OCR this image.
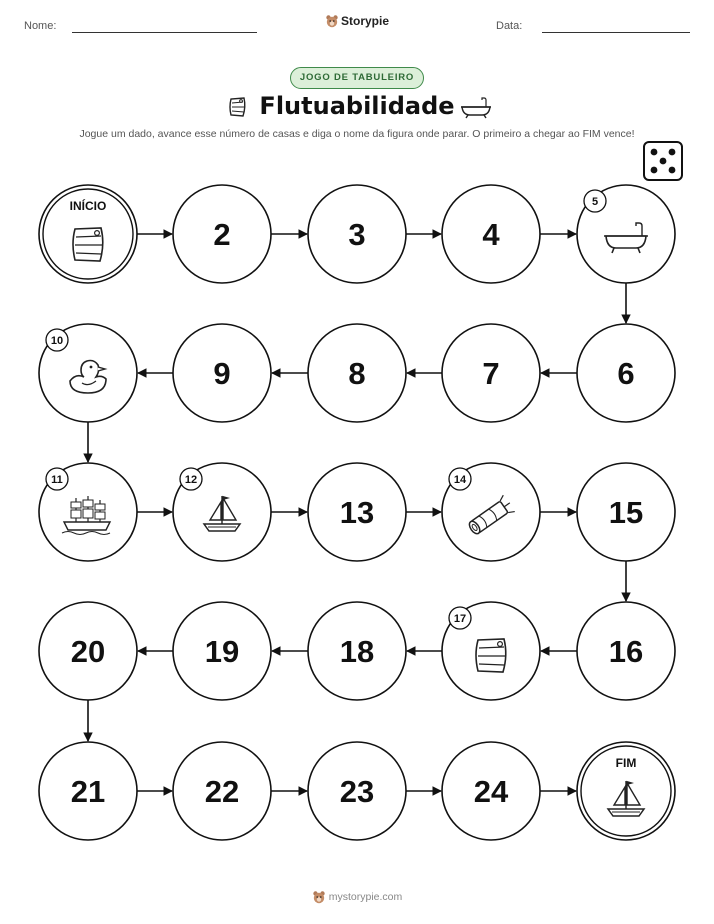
Nome:	Storypie	Data:
JOGO DE TABULEIRO
Flutuabilidade
Jogue um dado, avance esse número de casas e diga o nome da figura onde parar. O primeiro a chegar ao FIM vence!
INÍCIO
2	3	4
5
6
7
8
9
10
11	12
13
14
15
16
17
18
19
20
21	22	23	24
FIM
mystorypie.com
